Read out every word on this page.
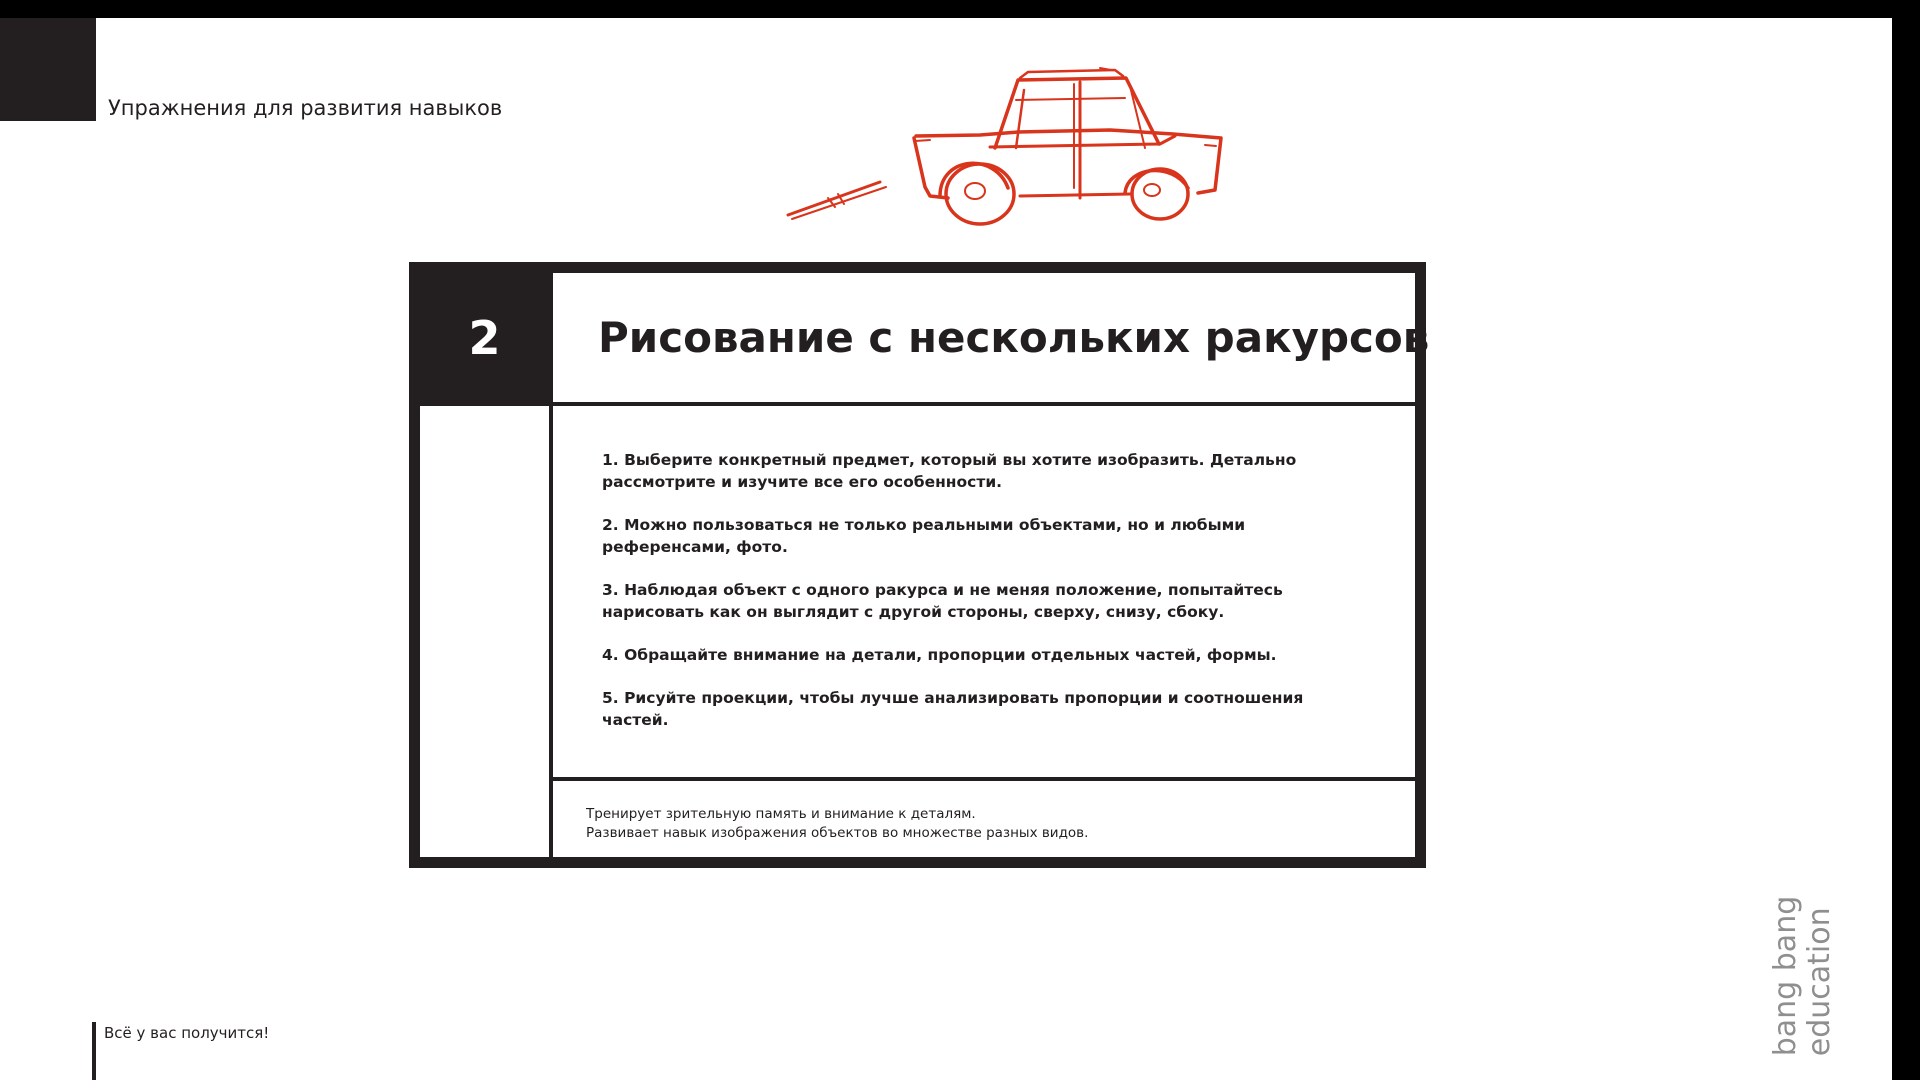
Упражнения для развития навыков
2	Рисование с нескольких ракурсов
1. Выберите конкретный предмет, который вы хотите изобразить. Детально рассмотрите и изучите все его особенности.
2. Можно пользоваться не только реальными объектами, но и любыми референсами, фото.
3. Наблюдая объект с одного ракурса и не меняя положение, попытайтесь нарисовать как он выглядит с другой стороны, сверху, снизу, сбоку.
4. Обращайте внимание на детали, пропорции отдельных частей, формы.
5. Рисуйте проекции, чтобы лучше анализировать пропорции и соотношения частей.
Тренирует зрительную память и внимание к деталям.
Развивает навык изображения объектов во множестве разных видов.
bang bang education
Всё у вас получится!
